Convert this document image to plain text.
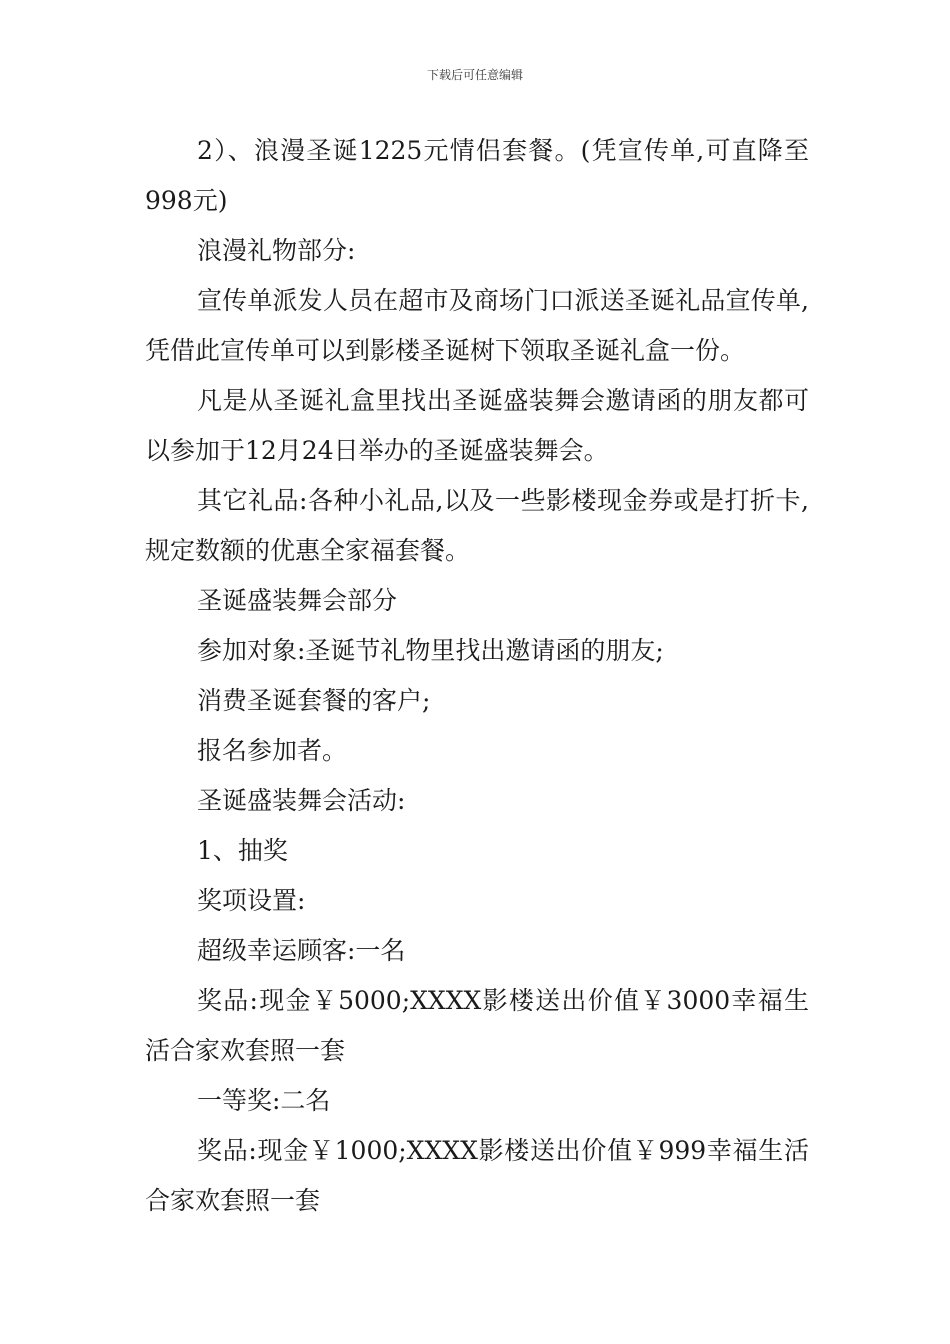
下载后可任意编辑

2）、浪漫圣诞1225元情侣套餐。(凭宣传单,可直降至998元)

浪漫礼物部分:

宣传单派发人员在超市及商场门口派送圣诞礼品宣传单,凭借此宣传单可以到影楼圣诞树下领取圣诞礼盒一份。

凡是从圣诞礼盒里找出圣诞盛装舞会邀请函的朋友都可以参加于12月24日举办的圣诞盛装舞会。

其它礼品:各种小礼品,以及一些影楼现金券或是打折卡,规定数额的优惠全家福套餐。

圣诞盛装舞会部分

参加对象:圣诞节礼物里找出邀请函的朋友;

消费圣诞套餐的客户;

报名参加者。

圣诞盛装舞会活动:

1、抽奖

奖项设置:

超级幸运顾客:一名

奖品:现金￥5000;XXXX影楼送出价值￥3000幸福生活合家欢套照一套

一等奖:二名

奖品:现金￥1000;XXXX影楼送出价值￥999幸福生活合家欢套照一套
